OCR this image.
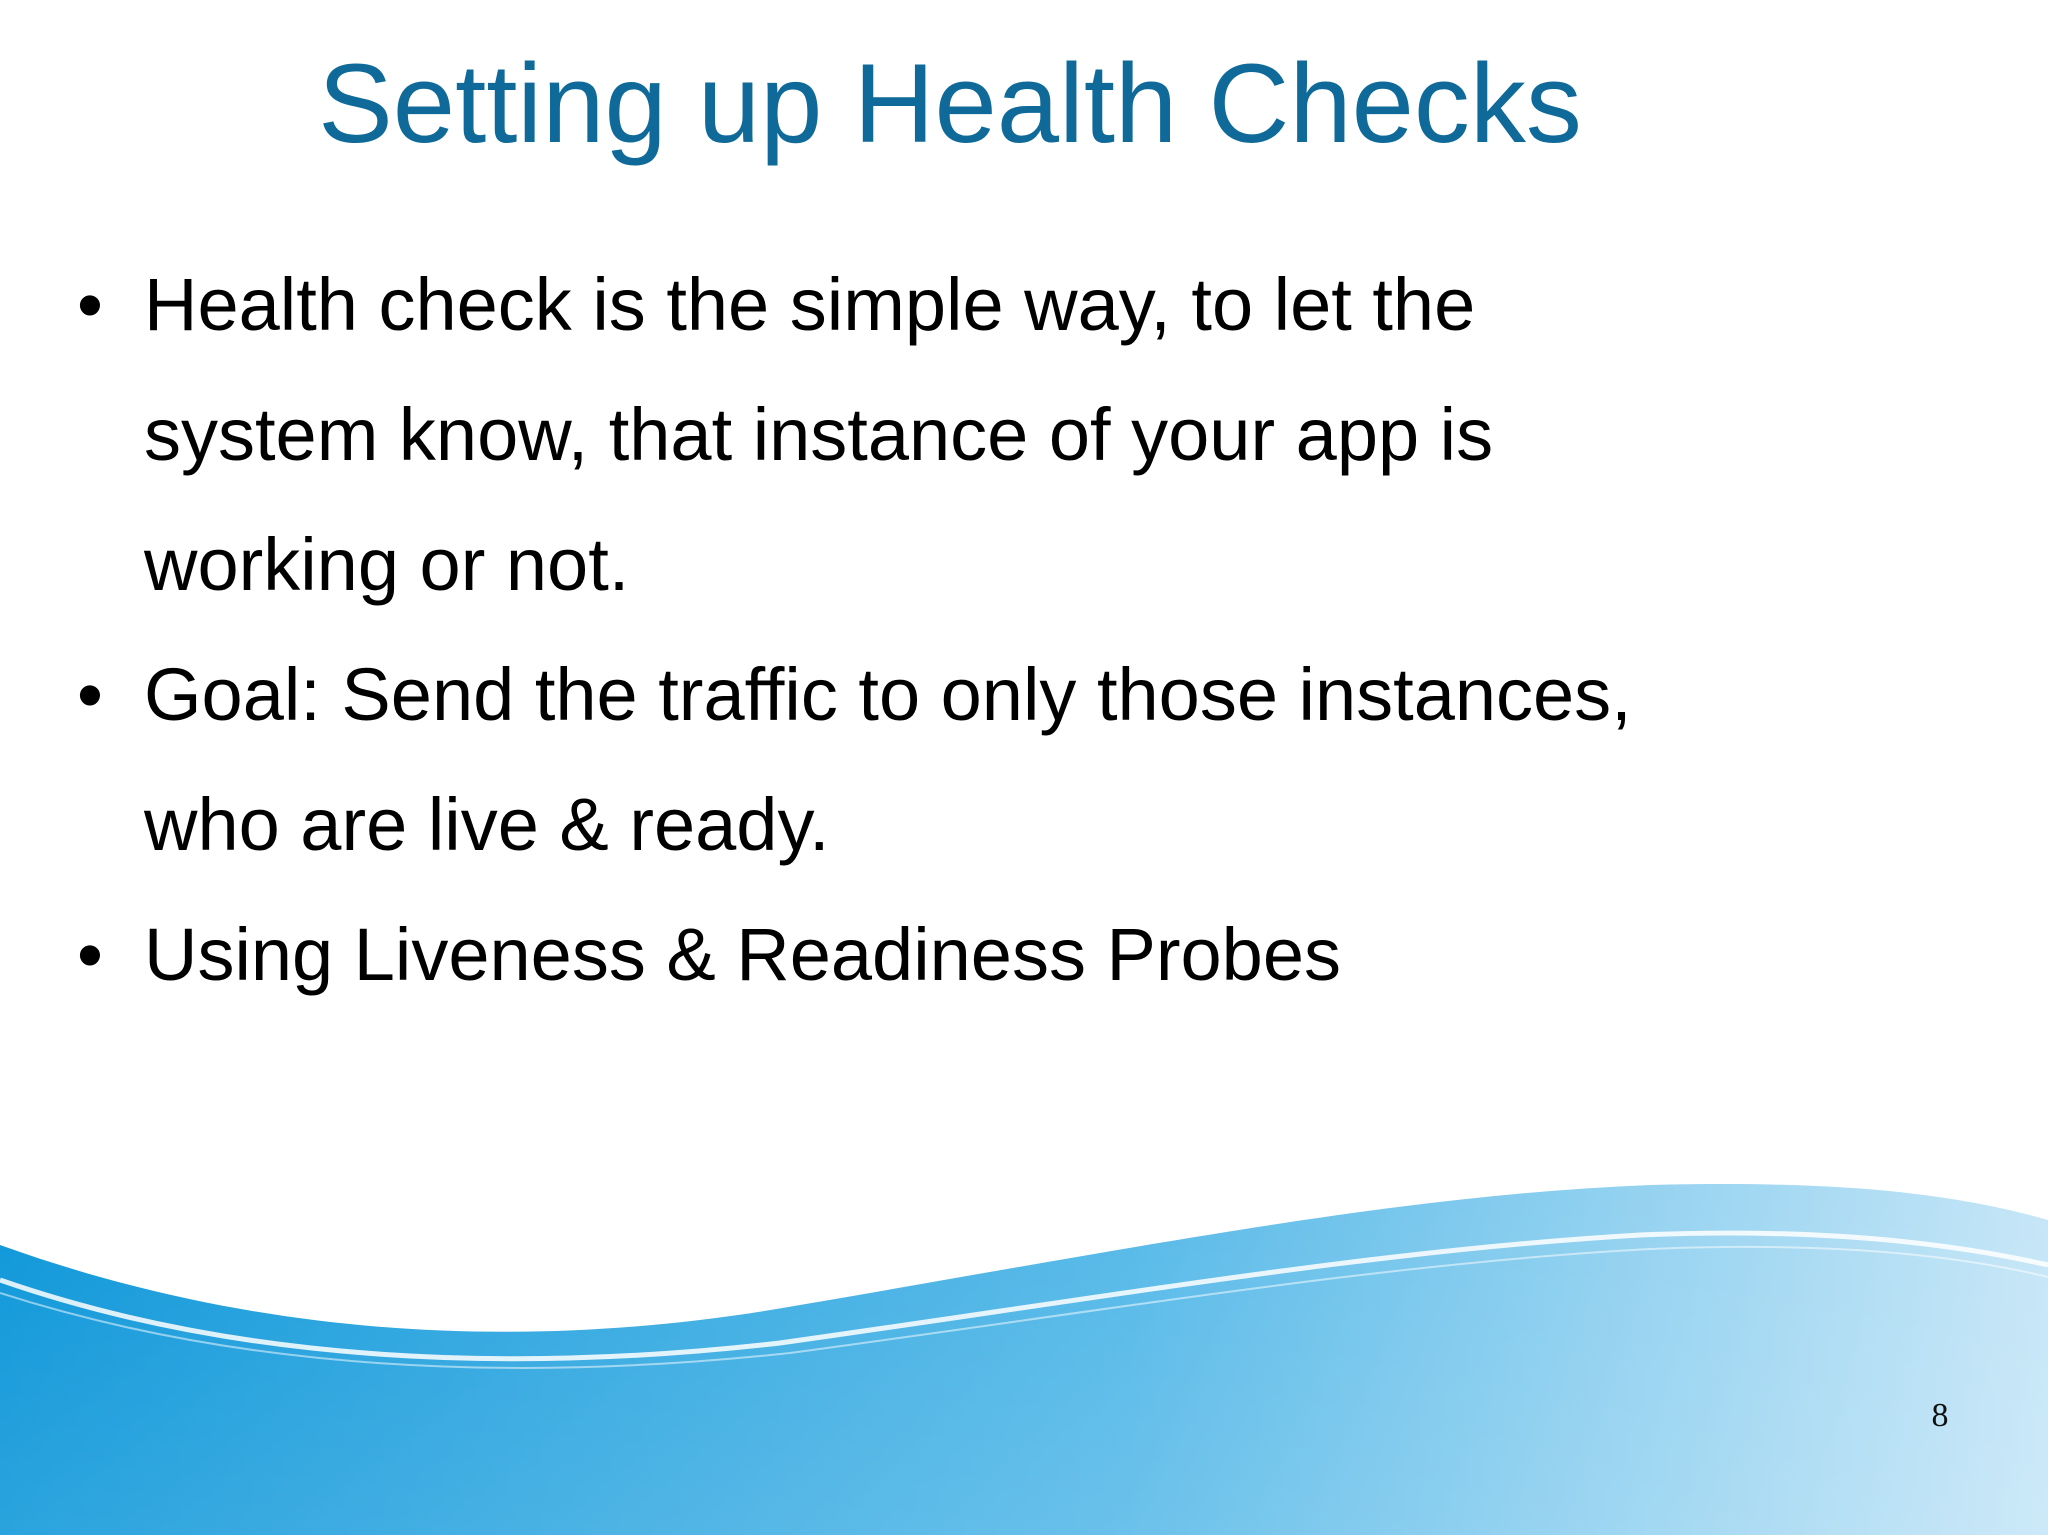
Setting up Health Checks
• Health check is the simple way, to let the
system know, that instance of your app is
working or not.
• Goal: Send the traffic to only those instances,
who are live & ready.
• Using Liveness & Readiness Probes
8
